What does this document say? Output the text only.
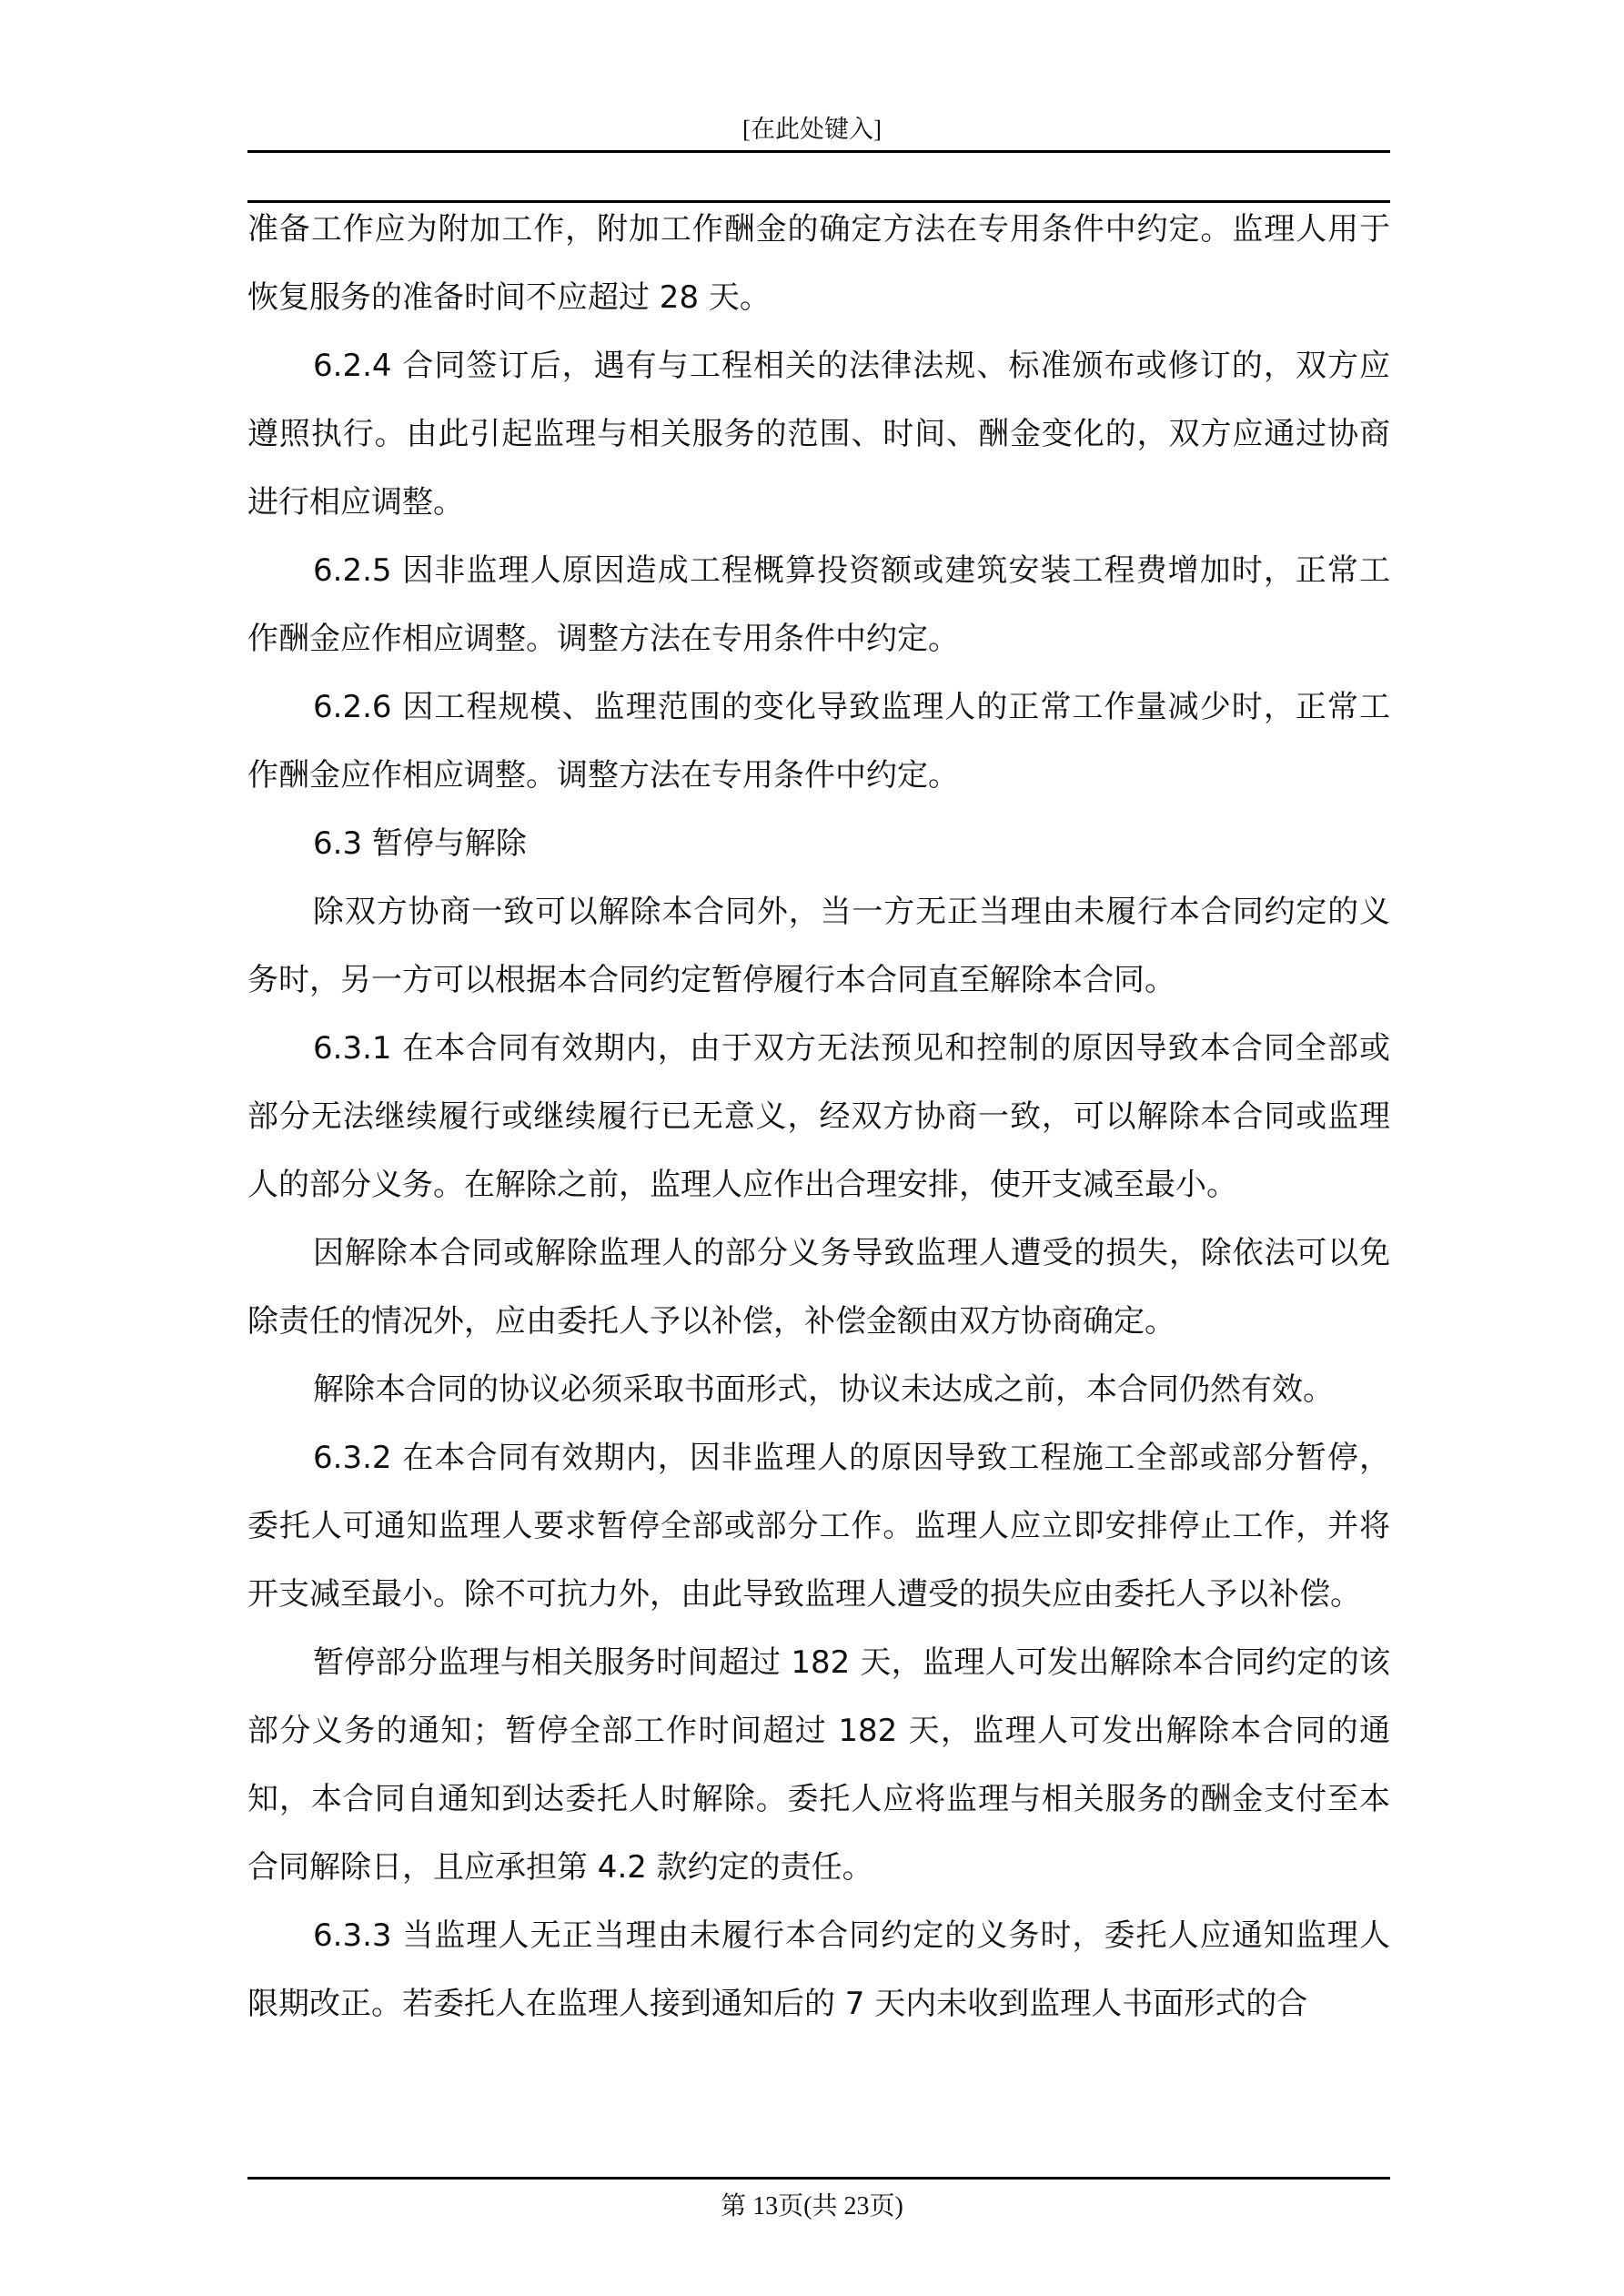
[在此处键入]

准备工作应为附加工作，附加工作酬金的确定方法在专用条件中约定。监理人用于恢复服务的准备时间不应超过 28 天。

6.2.4 合同签订后，遇有与工程相关的法律法规、标准颁布或修订的，双方应遵照执行。由此引起监理与相关服务的范围、时间、酬金变化的，双方应通过协商进行相应调整。

6.2.5 因非监理人原因造成工程概算投资额或建筑安装工程费增加时，正常工作酬金应作相应调整。调整方法在专用条件中约定。

6.2.6 因工程规模、监理范围的变化导致监理人的正常工作量减少时，正常工作酬金应作相应调整。调整方法在专用条件中约定。

6.3 暂停与解除

除双方协商一致可以解除本合同外，当一方无正当理由未履行本合同约定的义务时，另一方可以根据本合同约定暂停履行本合同直至解除本合同。

6.3.1 在本合同有效期内，由于双方无法预见和控制的原因导致本合同全部或部分无法继续履行或继续履行已无意义，经双方协商一致，可以解除本合同或监理人的部分义务。在解除之前，监理人应作出合理安排，使开支减至最小。

因解除本合同或解除监理人的部分义务导致监理人遭受的损失，除依法可以免除责任的情况外，应由委托人予以补偿，补偿金额由双方协商确定。

解除本合同的协议必须采取书面形式，协议未达成之前，本合同仍然有效。

6.3.2 在本合同有效期内，因非监理人的原因导致工程施工全部或部分暂停，委托人可通知监理人要求暂停全部或部分工作。监理人应立即安排停止工作，并将开支减至最小。除不可抗力外，由此导致监理人遭受的损失应由委托人予以补偿。

暂停部分监理与相关服务时间超过 182 天，监理人可发出解除本合同约定的该部分义务的通知；暂停全部工作时间超过 182 天，监理人可发出解除本合同的通知，本合同自通知到达委托人时解除。委托人应将监理与相关服务的酬金支付至本合同解除日，且应承担第 4.2 款约定的责任。

6.3.3 当监理人无正当理由未履行本合同约定的义务时，委托人应通知监理人限期改正。若委托人在监理人接到通知后的 7 天内未收到监理人书面形式的合

第 13页(共 23页)
